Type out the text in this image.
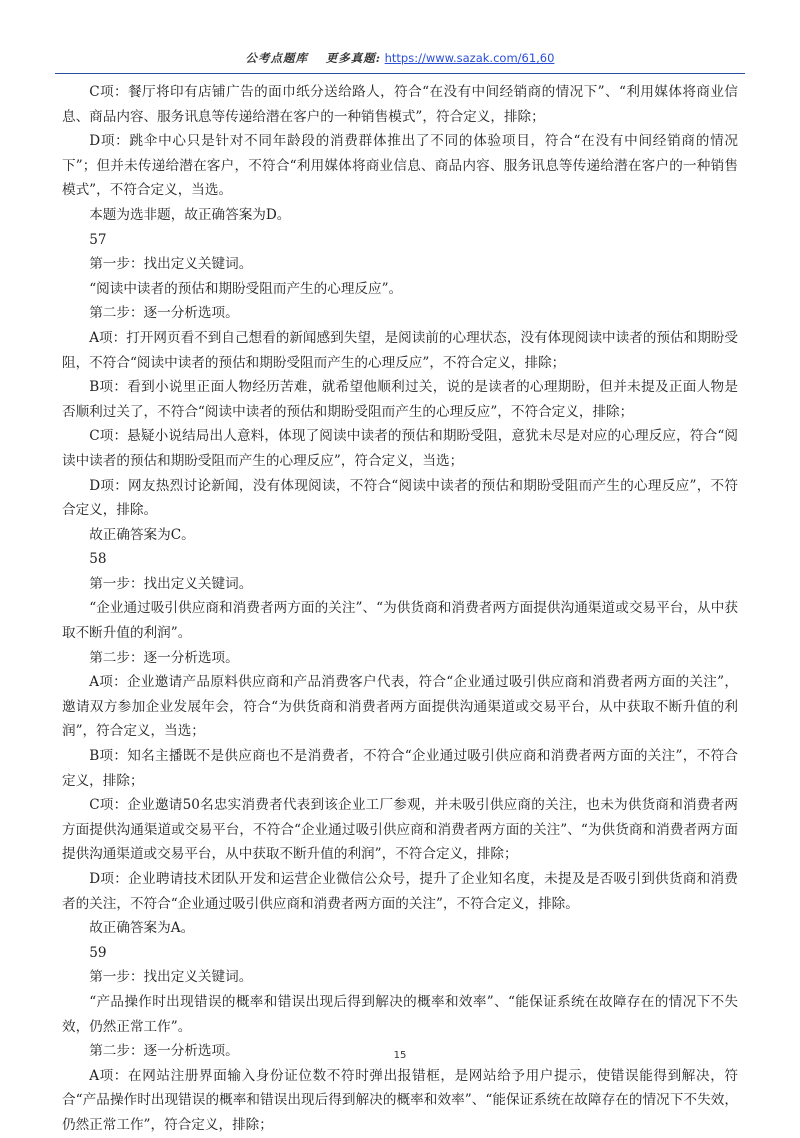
公考点题库 更多真题: https://www.sazak.com/61,60

C项：餐厅将印有店铺广告的面巾纸分送给路人，符合“在没有中间经销商的情况下”、“利用媒体将商业信息、商品内容、服务讯息等传递给潜在客户的一种销售模式”，符合定义，排除；

D项：跳伞中心只是针对不同年龄段的消费群体推出了不同的体验项目，符合“在没有中间经销商的情况下”；但并未传递给潜在客户，不符合“利用媒体将商业信息、商品内容、服务讯息等传递给潜在客户的一种销售模式”，不符合定义，当选。

本题为选非题，故正确答案为D。

57

第一步：找出定义关键词。

“阅读中读者的预估和期盼受阻而产生的心理反应”。

第二步：逐一分析选项。

A项：打开网页看不到自己想看的新闻感到失望，是阅读前的心理状态，没有体现阅读中读者的预估和期盼受阻，不符合“阅读中读者的预估和期盼受阻而产生的心理反应”，不符合定义，排除；

B项：看到小说里正面人物经历苦难，就希望他顺利过关，说的是读者的心理期盼，但并未提及正面人物是否顺利过关了，不符合“阅读中读者的预估和期盼受阻而产生的心理反应”，不符合定义，排除；

C项：悬疑小说结局出人意料，体现了阅读中读者的预估和期盼受阻，意犹未尽是对应的心理反应，符合“阅读中读者的预估和期盼受阻而产生的心理反应”，符合定义，当选；

D项：网友热烈讨论新闻，没有体现阅读，不符合“阅读中读者的预估和期盼受阻而产生的心理反应”，不符合定义，排除。

故正确答案为C。

58

第一步：找出定义关键词。

“企业通过吸引供应商和消费者两方面的关注”、“为供货商和消费者两方面提供沟通渠道或交易平台，从中获取不断升值的利润”。

第二步：逐一分析选项。

A项：企业邀请产品原料供应商和产品消费客户代表，符合“企业通过吸引供应商和消费者两方面的关注”，邀请双方参加企业发展年会，符合“为供货商和消费者两方面提供沟通渠道或交易平台，从中获取不断升值的利润”，符合定义，当选；

B项：知名主播既不是供应商也不是消费者，不符合“企业通过吸引供应商和消费者两方面的关注”，不符合定义，排除；

C项：企业邀请50名忠实消费者代表到该企业工厂参观，并未吸引供应商的关注，也未为供货商和消费者两方面提供沟通渠道或交易平台，不符合“企业通过吸引供应商和消费者两方面的关注”、“为供货商和消费者两方面提供沟通渠道或交易平台，从中获取不断升值的利润”，不符合定义，排除；

D项：企业聘请技术团队开发和运营企业微信公众号，提升了企业知名度，未提及是否吸引到供货商和消费者的关注，不符合“企业通过吸引供应商和消费者两方面的关注”，不符合定义，排除。

故正确答案为A。

59

第一步：找出定义关键词。

“产品操作时出现错误的概率和错误出现后得到解决的概率和效率”、“能保证系统在故障存在的情况下不失效，仍然正常工作”。

第二步：逐一分析选项。

A项：在网站注册界面输入身份证位数不符时弹出报错框，是网站给予用户提示，使错误能得到解决，符合“产品操作时出现错误的概率和错误出现后得到解决的概率和效率”、“能保证系统在故障存在的情况下不失效，仍然正常工作”，符合定义，排除；

15
